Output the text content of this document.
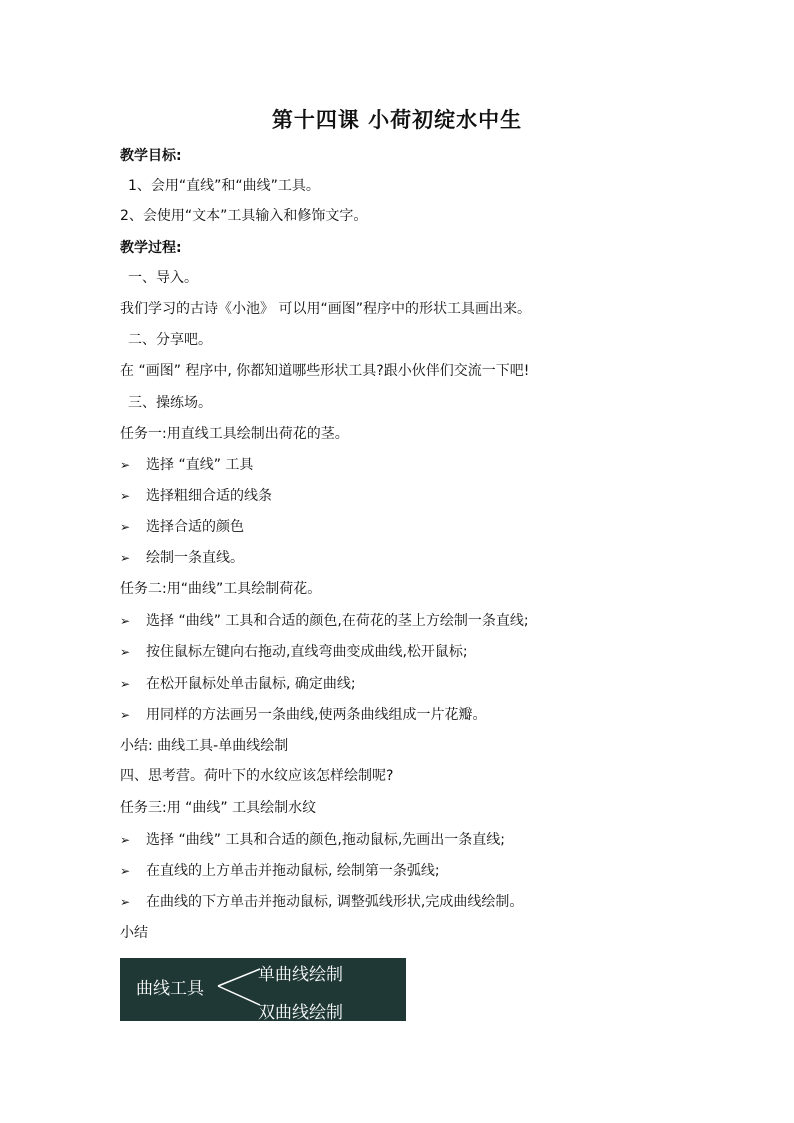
第十四课 小荷初绽水中生
教学目标:
1、会用“直线”和“曲线”工具。
2、会使用“文本”工具输入和修饰文字。
教学过程:
一、导入。
我们学习的古诗《小池》 可以用“画图”程序中的形状工具画出来。
二、分享吧。
在 “画图” 程序中, 你都知道哪些形状工具?跟小伙伴们交流一下吧!
三、操练场。
任务一:用直线工具绘制出荷花的茎。
➢ 选择 “直线” 工具
➢ 选择粗细合适的线条
➢ 选择合适的颜色
➢ 绘制一条直线。
任务二:用“曲线”工具绘制荷花。
➢ 选择 “曲线” 工具和合适的颜色,在荷花的茎上方绘制一条直线;
➢ 按住鼠标左键向右拖动,直线弯曲变成曲线,松开鼠标;
➢ 在松开鼠标处单击鼠标, 确定曲线;
➢ 用同样的方法画另一条曲线,使两条曲线组成一片花瓣。
小结: 曲线工具-单曲线绘制
四、思考营。荷叶下的水纹应该怎样绘制呢?
任务三:用 “曲线” 工具绘制水纹
➢ 选择 “曲线” 工具和合适的颜色,拖动鼠标,先画出一条直线;
➢ 在直线的上方单击并拖动鼠标, 绘制第一条弧线;
➢ 在曲线的下方单击并拖动鼠标, 调整弧线形状,完成曲线绘制。
小结
曲线工具
单曲线绘制
双曲线绘制
